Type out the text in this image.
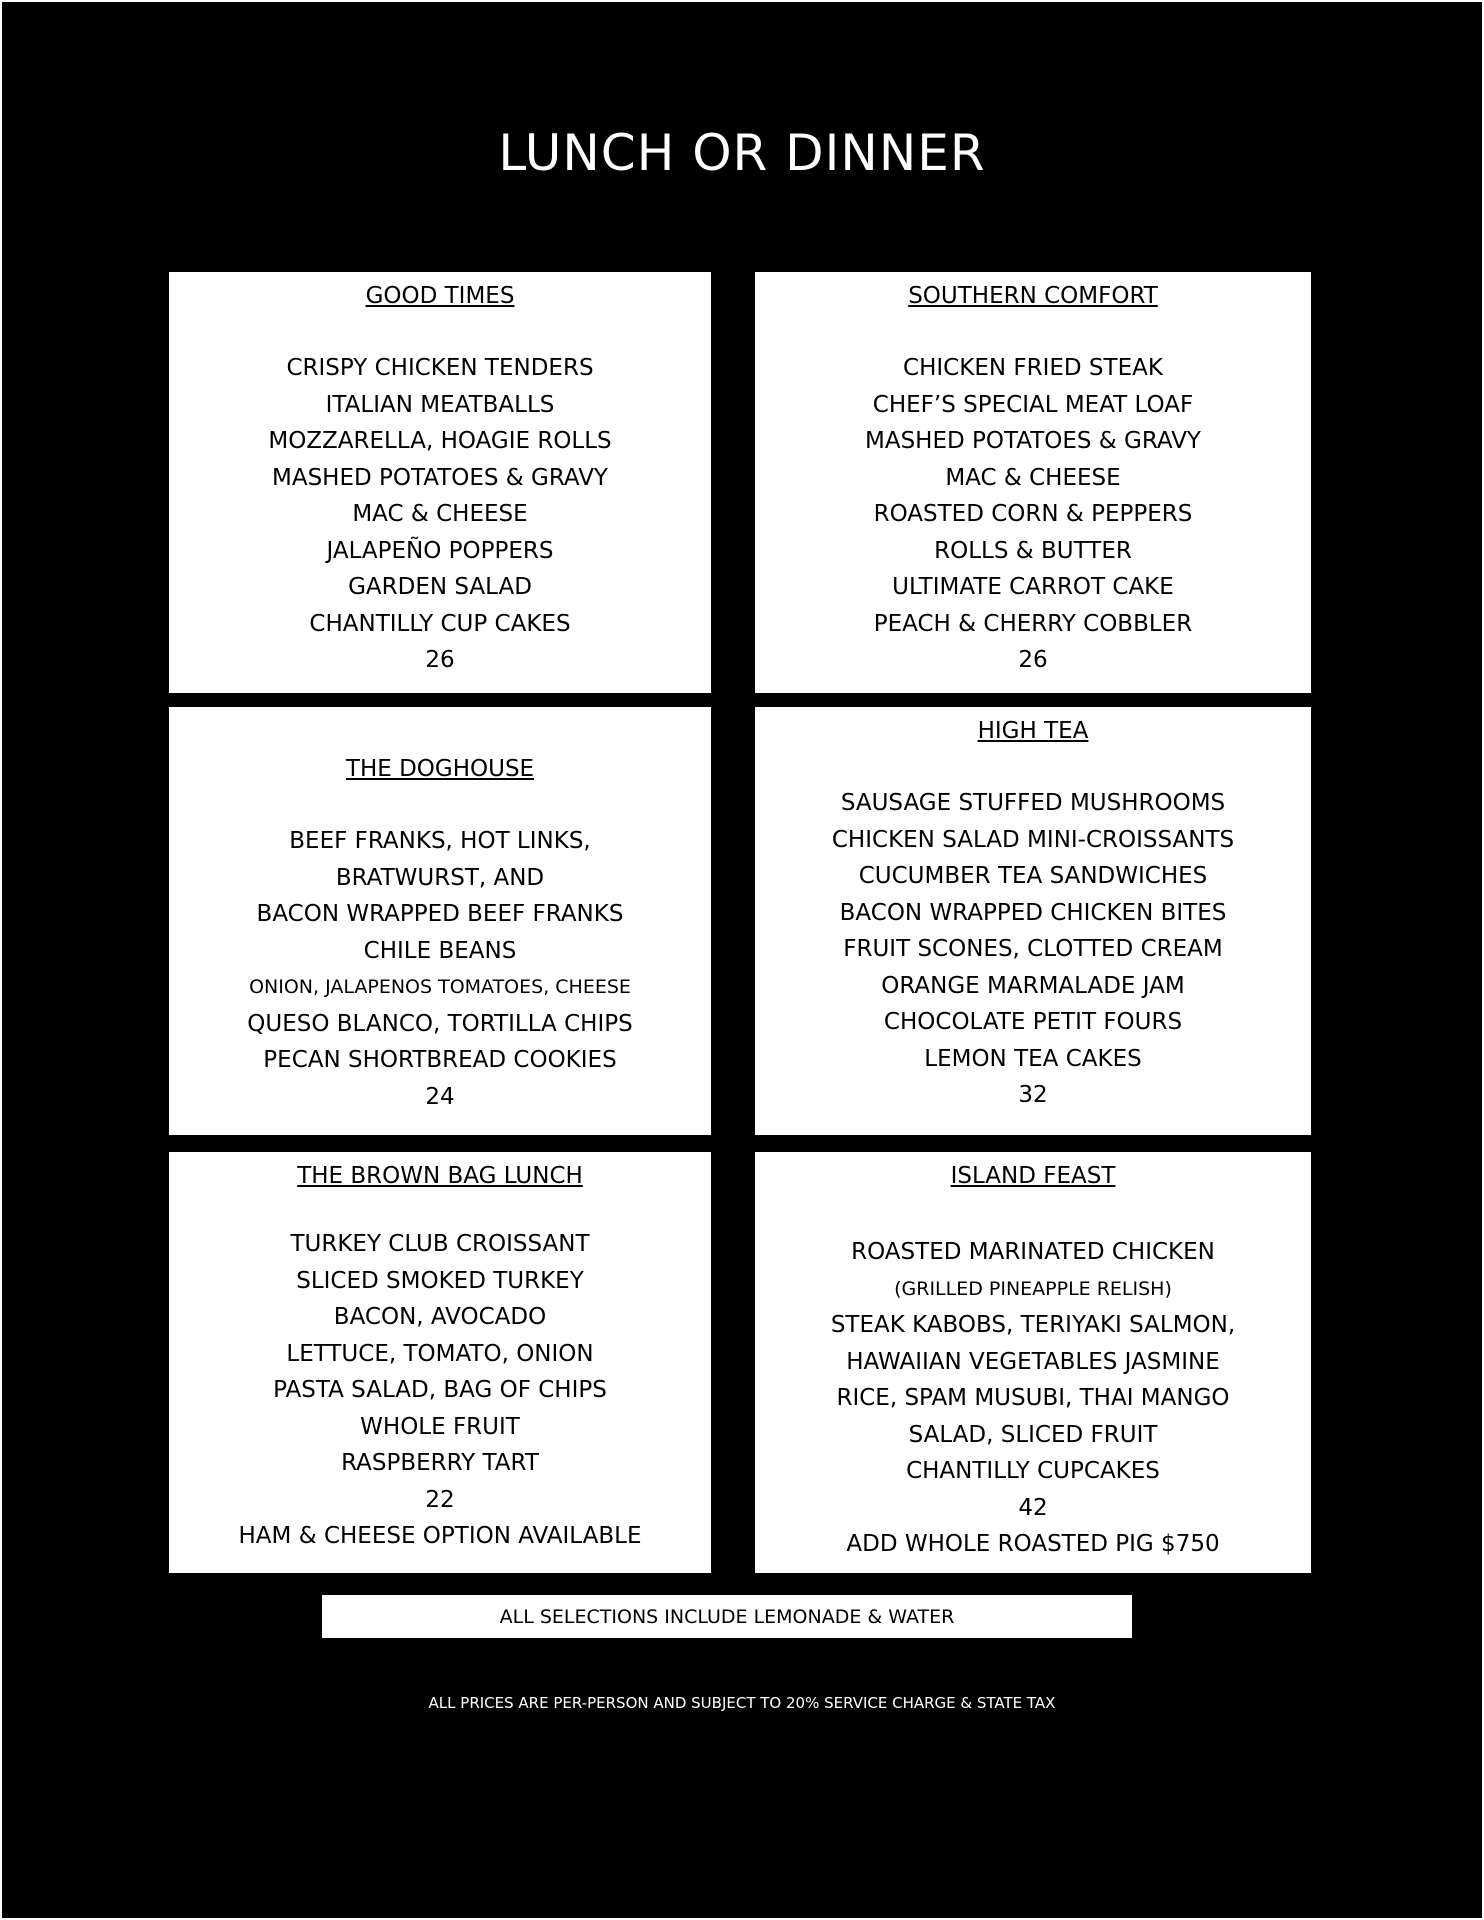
LUNCH OR DINNER
GOOD TIMES
CRISPY CHICKEN TENDERS
ITALIAN MEATBALLS
MOZZARELLA, HOAGIE ROLLS
MASHED POTATOES & GRAVY
MAC & CHEESE
JALAPEÑO POPPERS
GARDEN SALAD
CHANTILLY CUP CAKES
26
SOUTHERN COMFORT
CHICKEN FRIED STEAK
CHEF’S SPECIAL MEAT LOAF
MASHED POTATOES & GRAVY
MAC & CHEESE
ROASTED CORN & PEPPERS
ROLLS & BUTTER
ULTIMATE CARROT CAKE
PEACH & CHERRY COBBLER
26
THE DOGHOUSE
BEEF FRANKS, HOT LINKS,
BRATWURST, AND
BACON WRAPPED BEEF FRANKS
CHILE BEANS
ONION, JALAPENOS TOMATOES, CHEESE
QUESO BLANCO, TORTILLA CHIPS
PECAN SHORTBREAD COOKIES
24
HIGH TEA
SAUSAGE STUFFED MUSHROOMS
CHICKEN SALAD MINI-CROISSANTS
CUCUMBER TEA SANDWICHES
BACON WRAPPED CHICKEN BITES
FRUIT SCONES, CLOTTED CREAM
ORANGE MARMALADE JAM
CHOCOLATE PETIT FOURS
LEMON TEA CAKES
32
THE BROWN BAG LUNCH
TURKEY CLUB CROISSANT
SLICED SMOKED TURKEY
BACON, AVOCADO
LETTUCE, TOMATO, ONION
PASTA SALAD, BAG OF CHIPS
WHOLE FRUIT
RASPBERRY TART
22
HAM & CHEESE OPTION AVAILABLE
ISLAND FEAST
ROASTED MARINATED CHICKEN
(GRILLED PINEAPPLE RELISH)
STEAK KABOBS, TERIYAKI SALMON,
HAWAIIAN VEGETABLES JASMINE
RICE, SPAM MUSUBI, THAI MANGO
SALAD, SLICED FRUIT
CHANTILLY CUPCAKES
42
ADD WHOLE ROASTED PIG $750
ALL SELECTIONS INCLUDE LEMONADE & WATER
ALL PRICES ARE PER-PERSON AND SUBJECT TO 20% SERVICE CHARGE & STATE TAX
